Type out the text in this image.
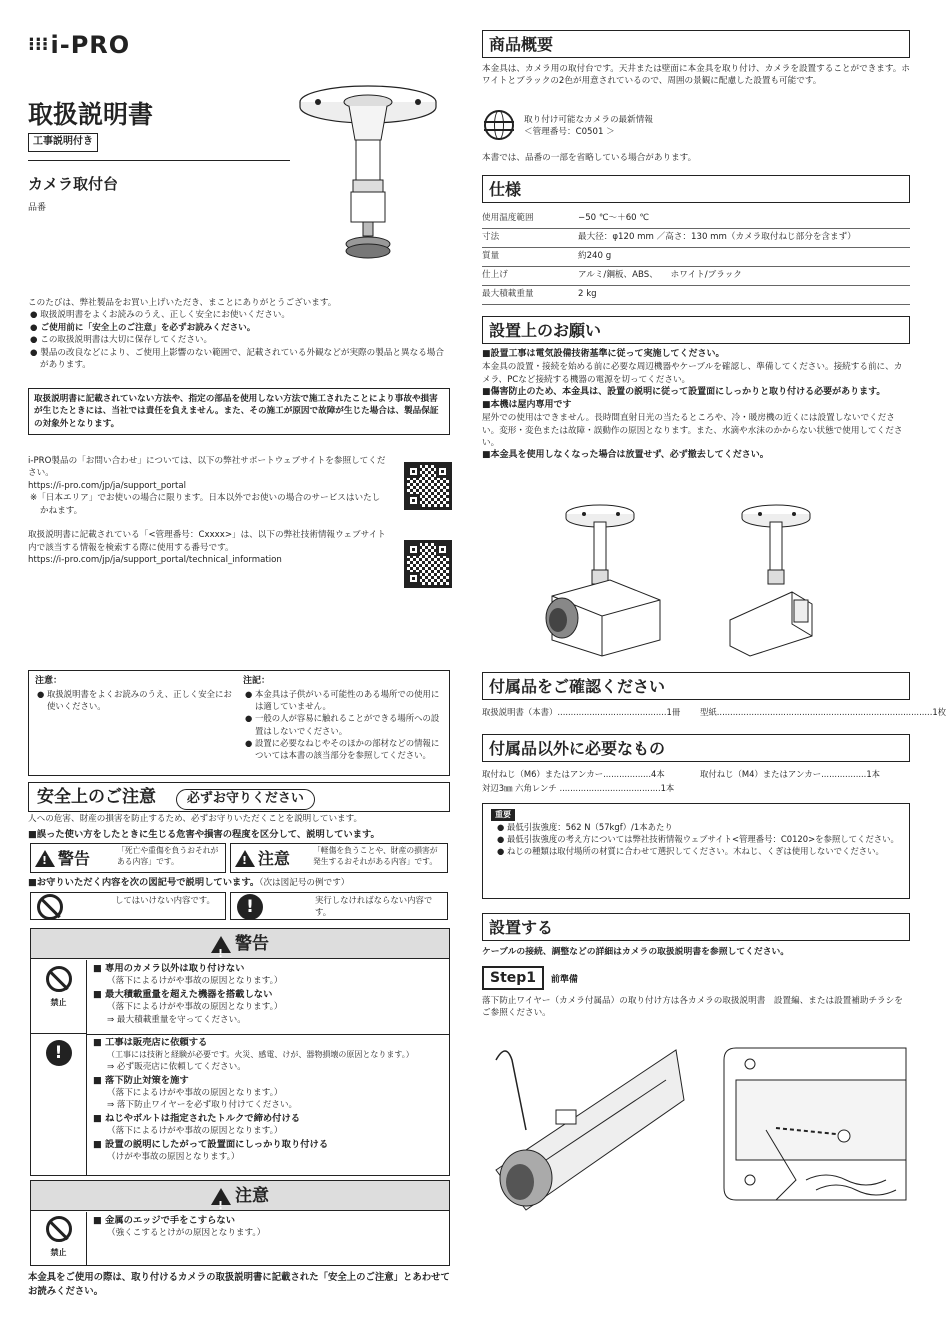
⁝⁝⁝i-PRO
取扱説明書
工事説明付き
カメラ取付台
品番
このたびは、弊社製品をお買い上げいただき、まことにありがとうございます。
● 取扱説明書をよくお読みのうえ、正しく安全にお使いください。
● ご使用前に「安全上のご注意」を必ずお読みください。
● この取扱説明書は大切に保存してください。
● 製品の改良などにより、ご使用上影響のない範囲で、記載されている外観などが実際の製品と異なる場合があります。
取扱説明書に記載されていない方法や、指定の部品を使用しない方法で施工されたことにより事故や損害が生じたときには、当社では責任を負えません。また、その施工が原因で故障が生じた場合は、製品保証の対象外となります。
i-PRO製品の「お問い合わせ」については、以下の弊社サポートウェブサイトを参照してください。
https://i-pro.com/jp/ja/support_portal
※「日本エリア」でお使いの場合に限ります。日本以外でお使いの場合のサービスはいたしかねます。
取扱説明書に記載されている「<管理番号：Cxxxx>」は、以下の弊社技術情報ウェブサイト内で該当する情報を検索する際に使用する番号です。
https://i-pro.com/jp/ja/support_portal/technical_information
注意：
● 取扱説明書をよくお読みのうえ、正しく安全にお使いください。
注記：
● 本金具は子供がいる可能性のある場所での使用には適していません。
● 一般の人が容易に触れることができる場所への設置はしないでください。
● 設置に必要なねじやそのほかの部材などの情報については本書の該当部分を参照してください。
安全上のご注意 必ずお守りください
人への危害、財産の損害を防止するため、必ずお守りいただくことを説明しています。
■誤った使い方をしたときに生じる危害や損害の程度を区分して、説明しています。
! 警告	「死亡や重傷を負うおそれがある内容」です。 !	注意	「軽傷を負うことや、財産の損害が発生するおそれがある内容」です。
■お守りいただく内容を次の図記号で説明しています。（次は図記号の例です）
してはいけない内容です。	!	実行しなければならない内容です。
!警告
禁止
■ 専用のカメラ以外は取り付けない
（落下によるけがや事故の原因となります。）
■ 最大積載重量を超えた機器を搭載しない
（落下によるけがや事故の原因となります。）
⇒ 最大積載重量を守ってください。
!
■ 工事は販売店に依頼する
（工事には技術と経験が必要です。火災、感電、けが、器物損壊の原因となります。）
⇒ 必ず販売店に依頼してください。
■ 落下防止対策を施す
（落下によるけがや事故の原因となります。）
⇒ 落下防止ワイヤーを必ず取り付けてください。
■ ねじやボルトは指定されたトルクで締め付ける
（落下によるけがや事故の原因となります。）
■ 設置の説明にしたがって設置面にしっかり取り付ける
（けがや事故の原因となります。）
!注意
禁止
■ 金属のエッジで手をこすらない
（強くこするとけがの原因となります。）
本金具をご使用の際は、取り付けるカメラの取扱説明書に記載された「安全上のご注意」とあわせてお読みください。
商品概要
本金具は、カメラ用の取付台です。天井または壁面に本金具を取り付け、カメラを設置することができます。ホワイトとブラックの2色が用意されているので、周囲の景観に配慮した設置も可能です。
取り付け可能なカメラの最新情報
＜管理番号：C0501 ＞
本書では、品番の一部を省略している場合があります。
仕様
使用温度範囲	−50 ℃～＋60 ℃
寸法	最大径：φ120 mm ／高さ：130 mm（カメラ取付ねじ部分を含まず）
質量	約240 g
仕上げ	アルミ/鋼板、ABS、　　ホワイト/ブラック
最大積載重量	2 kg
設置上のお願い
■設置工事は電気設備技術基準に従って実施してください。
本金具の設置・接続を始める前に必要な周辺機器やケーブルを確認し、準備してください。接続する前に、カメラ、PCなど接続する機器の電源を切ってください。
■傷害防止のため、本金具は、設置の説明に従って設置面にしっかりと取り付ける必要があります。
■本機は屋内専用です
屋外での使用はできません。長時間直射日光の当たるところや、冷・暖房機の近くには設置しないでください。変形・変色または故障・誤動作の原因となります。また、水滴や水沫のかからない状態で使用してください。
■本金具を使用しなくなった場合は放置せず、必ず撤去してください。
付属品をご確認ください
取扱説明書（本書）.........................................1冊 型紙.................................................................................1枚
付属品以外に必要なもの
取付ねじ（M6）またはアンカー..................4本	取付ねじ（M4）またはアンカー.................1本
対辺3㎜ 六角レンチ ......................................1本
重要
● 最低引抜強度：562 N（57kgf）/1本あたり
● 最低引抜強度の考え方については弊社技術情報ウェブサイト<管理番号：C0120>を参照してください。
● ねじの種類は取付場所の材質に合わせて選択してください。木ねじ、くぎは使用しないでください。
設置する
ケーブルの接続、調整などの詳細はカメラの取扱説明書を参照してください。
Step1 前準備
落下防止ワイヤー（カメラ付属品）の取り付け方は各カメラの取扱説明書　設置編、または設置補助チラシをご参照ください。
